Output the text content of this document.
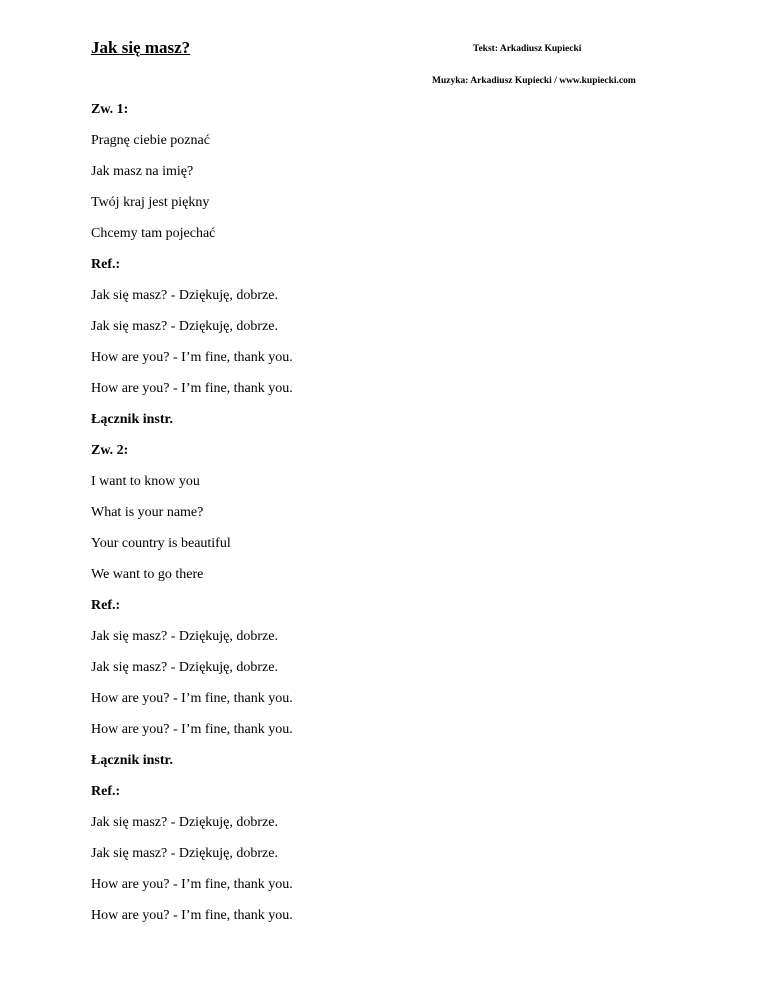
Jak się masz?	Tekst: Arkadiusz Kupiecki
Muzyka: Arkadiusz Kupiecki / www.kupiecki.com
Zw. 1:
Pragnę ciebie poznać
Jak masz na imię?
Twój kraj jest piękny
Chcemy tam pojechać
Ref.:
Jak się masz? - Dziękuję, dobrze.
Jak się masz? - Dziękuję, dobrze.
How are you? - I’m fine, thank you.
How are you? - I’m fine, thank you.
Łącznik instr.
Zw. 2:
I want to know you
What is your name?
Your country is beautiful
We want to go there
Ref.:
Jak się masz? - Dziękuję, dobrze.
Jak się masz? - Dziękuję, dobrze.
How are you? - I’m fine, thank you.
How are you? - I’m fine, thank you.
Łącznik instr.
Ref.:
Jak się masz? - Dziękuję, dobrze.
Jak się masz? - Dziękuję, dobrze.
How are you? - I’m fine, thank you.
How are you? - I’m fine, thank you.
